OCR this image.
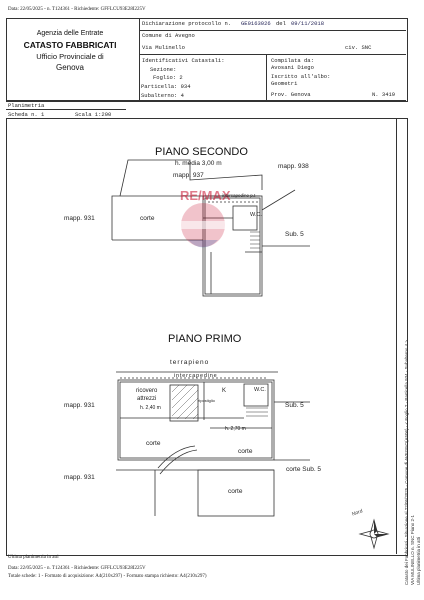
Data: 22/05/2025 - n. T124361 - Richiedente: GFFLCU93E28I225V
Agenzia delle Entrate
CATASTO FABBRICATI
Ufficio Provinciale di
Genova
Dichiarazione protocollo n. GE0163026 del 09/11/2018
Comune di Avegno
Via Mulinello	civ. SNC
Identificativi Catastali:
Sezione:
Foglio: 2
Particella: 934
Subalterno: 4
Compilata da:
Avosani Diego
Iscritto all'albo:
Geometri
Prov. Genova	N. 3419
Planimetria
Scheda n. 1	Scala 1:200
RE/MAX
PIANO SECONDO
h. media 3,00 m
PIANO PRIMO
mapp. 937
mapp. 938
mapp. 931	corte
intercapedine p.t
W.C.
Sub. 5
terrapieno
intercapedine
mapp. 931
ricovero
attrezzi
h. 2,40 m
K	W.C.
ripostiglio
h. 2,70 m
Sub. 5
corte
corte
corte Sub. 5
mapp. 931
corte
Nord
Ultima planimetria in atti
Data: 22/05/2025 - n. T124361 - Richiedente: GFFLCU93E28I225V
Totale schede: 1 - Formato di acquisizione: A4(210x297) - Formato stampa richiesto: A4(210x297)	Catasto dei Fabbricati - Situazione al 22/05/2025 - Comune di AVEGNO(A506) - < Foglio 2 - Particella 934 - Subalterno 4 > VIA MULINELLO n. SNC Piano 2-1 Ultima planimetria in atti
